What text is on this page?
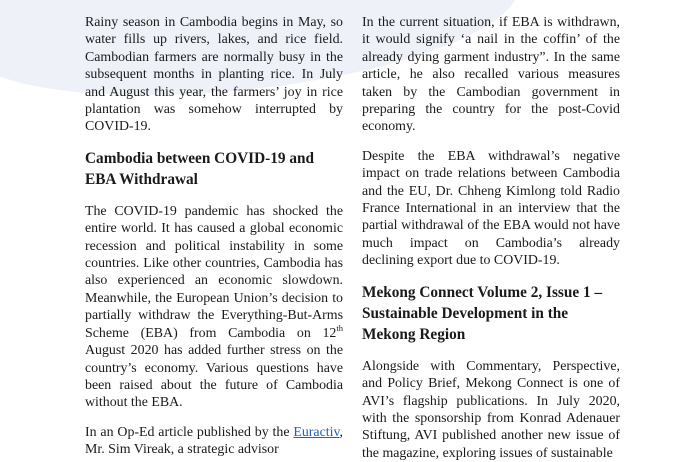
Rainy season in Cambodia begins in May, so water fills up rivers, lakes, and rice field. Cambodian farmers are normally busy in the subsequent months in planting rice. In July and August this year, the farmers’ joy in rice plantation was somehow interrupted by COVID-19.

Cambodia between COVID-19 and EBA Withdrawal

The COVID-19 pandemic has shocked the entire world. It has caused a global economic recession and political instability in some countries. Like other countries, Cambodia has also experienced an economic slowdown. Meanwhile, the European Union’s decision to partially withdraw the Everything-But-Arms Scheme (EBA) from Cambodia on 12th August 2020 has added further stress on the country’s economy. Various questions have been raised about the future of Cambodia without the EBA.

In an Op-Ed article published by the Euractiv, Mr. Sim Vireak, a strategic advisor

In the current situation, if EBA is withdrawn, it would signify ‘a nail in the coffin’ of the already dying garment industry”. In the same article, he also recalled various measures taken by the Cambodian government in preparing the country for the post-Covid economy.

Despite the EBA withdrawal’s negative impact on trade relations between Cambodia and the EU, Dr. Chheng Kimlong told Radio France International in an interview that the partial withdrawal of the EBA would not have much impact on Cambodia’s already declining export due to COVID-19.

Mekong Connect Volume 2, Issue 1 – Sustainable Development in the Mekong Region

Alongside with Commentary, Perspective, and Policy Brief, Mekong Connect is one of AVI’s flagship publications. In July 2020, with the sponsorship from Konrad Adenauer Stiftung, AVI published another new issue of the magazine, exploring issues of sustainable
